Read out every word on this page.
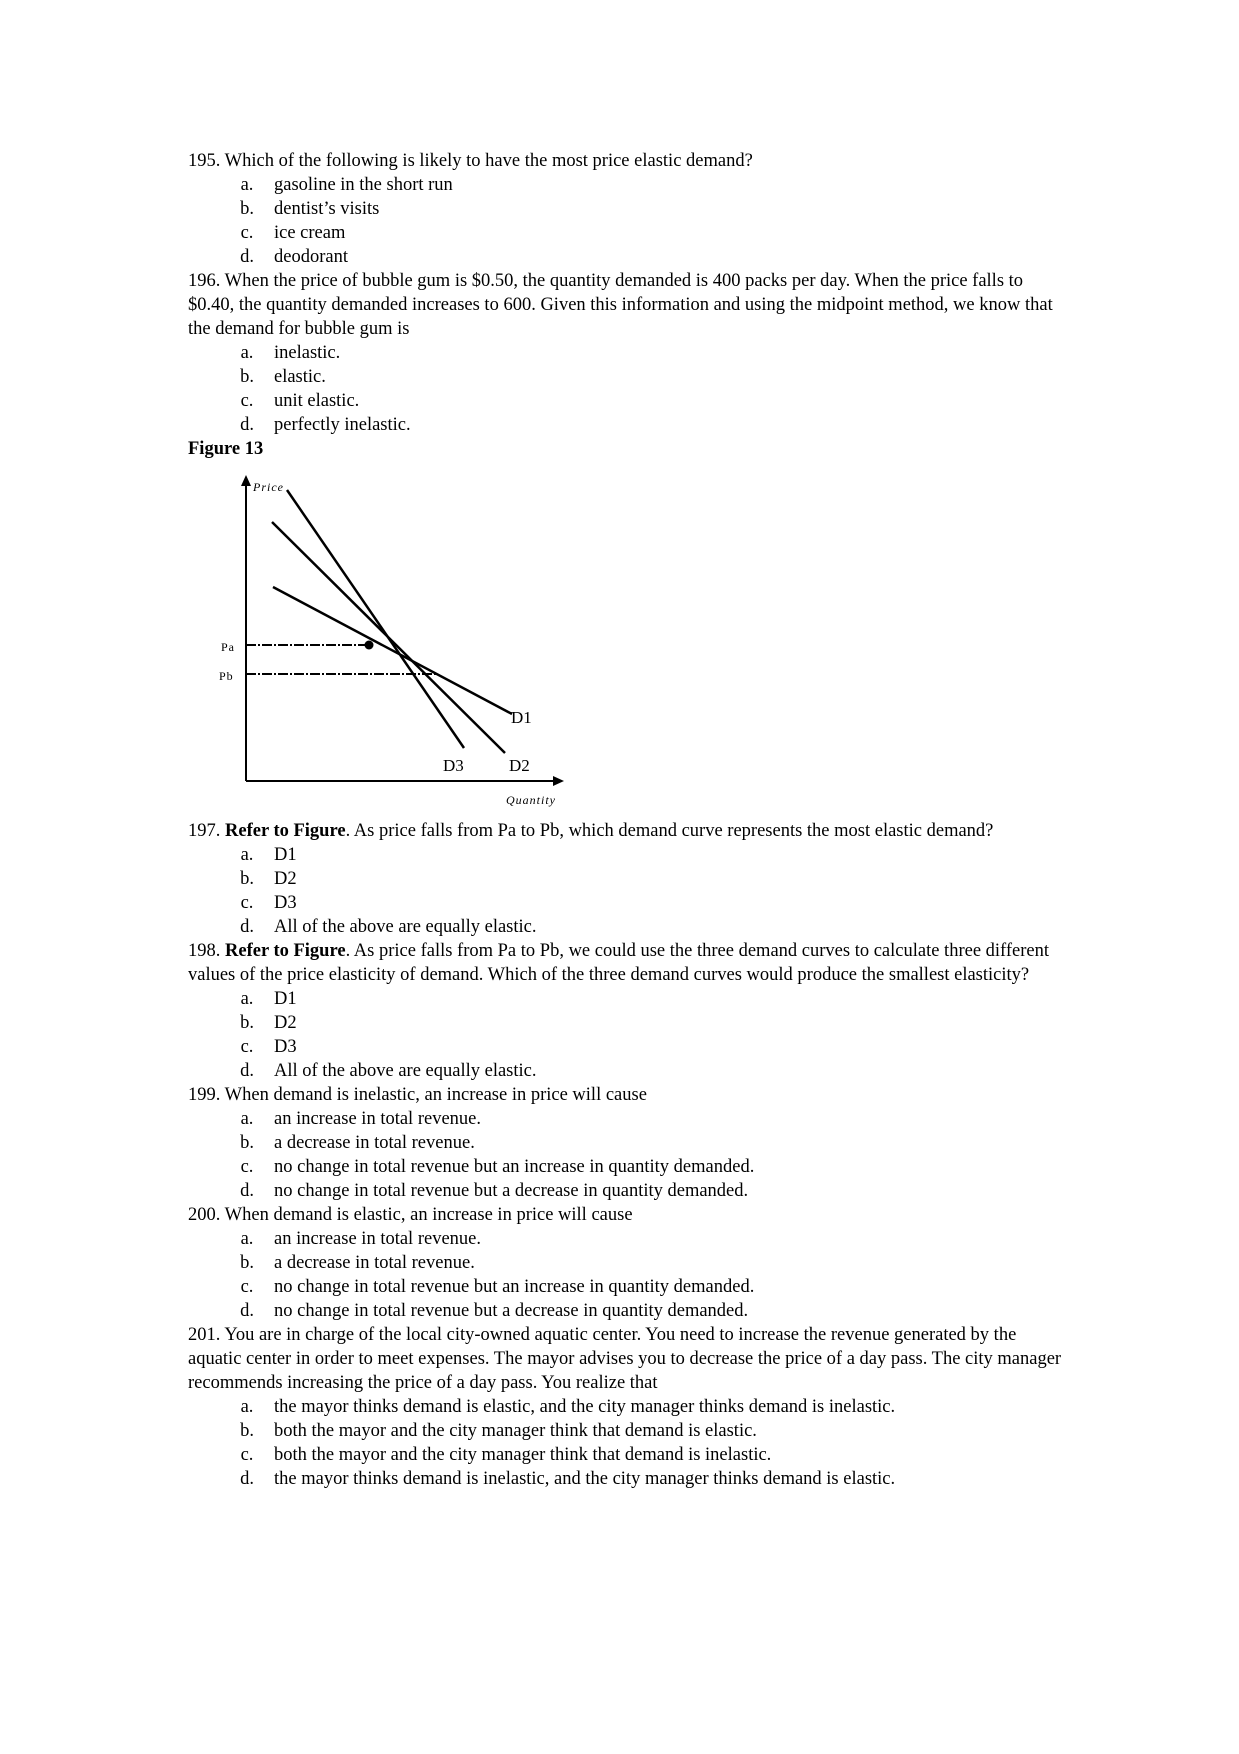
195. Which of the following is likely to have the most price elastic demand?

a. gasoline in the short run
b. dentist’s visits
c. ice cream
d. deodorant

196. When the price of bubble gum is $0.50, the quantity demanded is 400 packs per day. When the price falls to $0.40, the quantity demanded increases to 600. Given this information and using the midpoint method, we know that the demand for bubble gum is

a. inelastic.
b. elastic.
c. unit elastic.
d. perfectly inelastic.

Figure 13

Price
Quantity
Pa
Pb
D1
D2
D3

197. Refer to Figure. As price falls from Pa to Pb, which demand curve represents the most elastic demand?

a. D1
b. D2
c. D3
d. All of the above are equally elastic.

198. Refer to Figure. As price falls from Pa to Pb, we could use the three demand curves to calculate three different values of the price elasticity of demand. Which of the three demand curves would produce the smallest elasticity?

a. D1
b. D2
c. D3
d. All of the above are equally elastic.

199. When demand is inelastic, an increase in price will cause

a. an increase in total revenue.
b. a decrease in total revenue.
c. no change in total revenue but an increase in quantity demanded.
d. no change in total revenue but a decrease in quantity demanded.

200. When demand is elastic, an increase in price will cause

a. an increase in total revenue.
b. a decrease in total revenue.
c. no change in total revenue but an increase in quantity demanded.
d. no change in total revenue but a decrease in quantity demanded.

201. You are in charge of the local city-owned aquatic center. You need to increase the revenue generated by the aquatic center in order to meet expenses. The mayor advises you to decrease the price of a day pass. The city manager recommends increasing the price of a day pass. You realize that

a. the mayor thinks demand is elastic, and the city manager thinks demand is inelastic.
b. both the mayor and the city manager think that demand is elastic.
c. both the mayor and the city manager think that demand is inelastic.
d. the mayor thinks demand is inelastic, and the city manager thinks demand is elastic.
